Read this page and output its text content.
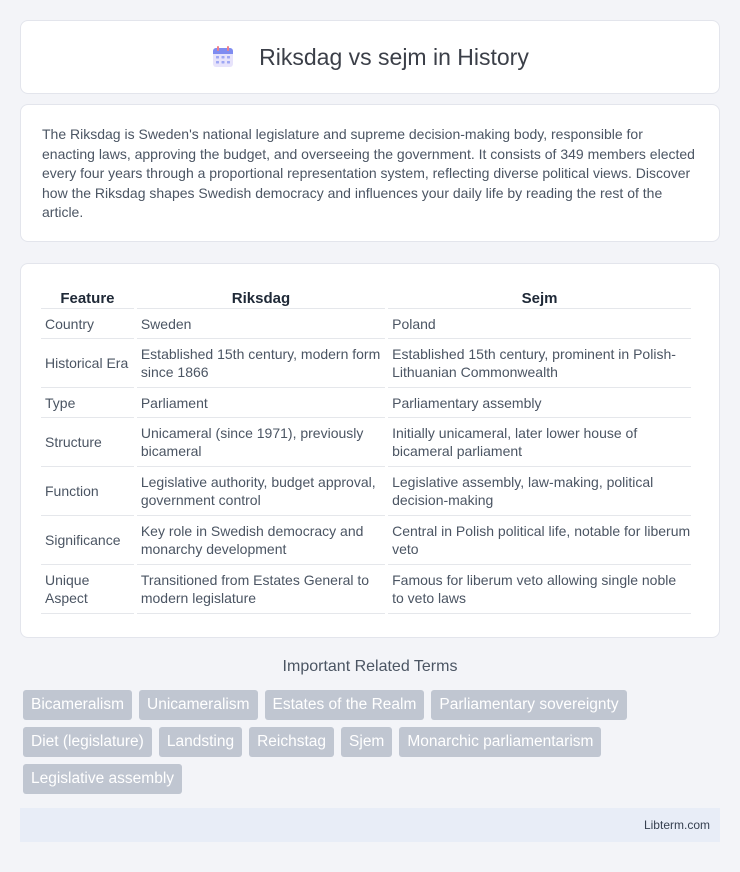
Riksdag vs sejm in History

The Riksdag is Sweden's national legislature and supreme decision-making body, responsible for enacting laws, approving the budget, and overseeing the government. It consists of 349 members elected every four years through a proportional representation system, reflecting diverse political views. Discover how the Riksdag shapes Swedish democracy and influences your daily life by reading the rest of the article.

Feature	Riksdag	Sejm
Country	Sweden	Poland
Historical Era	Established 15th century, modern form since 1866	Established 15th century, prominent in Polish-Lithuanian Commonwealth
Type	Parliament	Parliamentary assembly
Structure	Unicameral (since 1971), previously bicameral	Initially unicameral, later lower house of bicameral parliament
Function	Legislative authority, budget approval, government control	Legislative assembly, law-making, political decision-making
Significance	Key role in Swedish democracy and monarchy development	Central in Polish political life, notable for liberum veto
Unique Aspect	Transitioned from Estates General to modern legislature	Famous for liberum veto allowing single noble to veto laws
Important Related Terms
Bicameralism	Unicameralism	Estates of the Realm	Parliamentary sovereignty
Diet (legislature)	Landsting	Reichstag	Sjem	Monarchic parliamentarism
Legislative assembly
Libterm.com
